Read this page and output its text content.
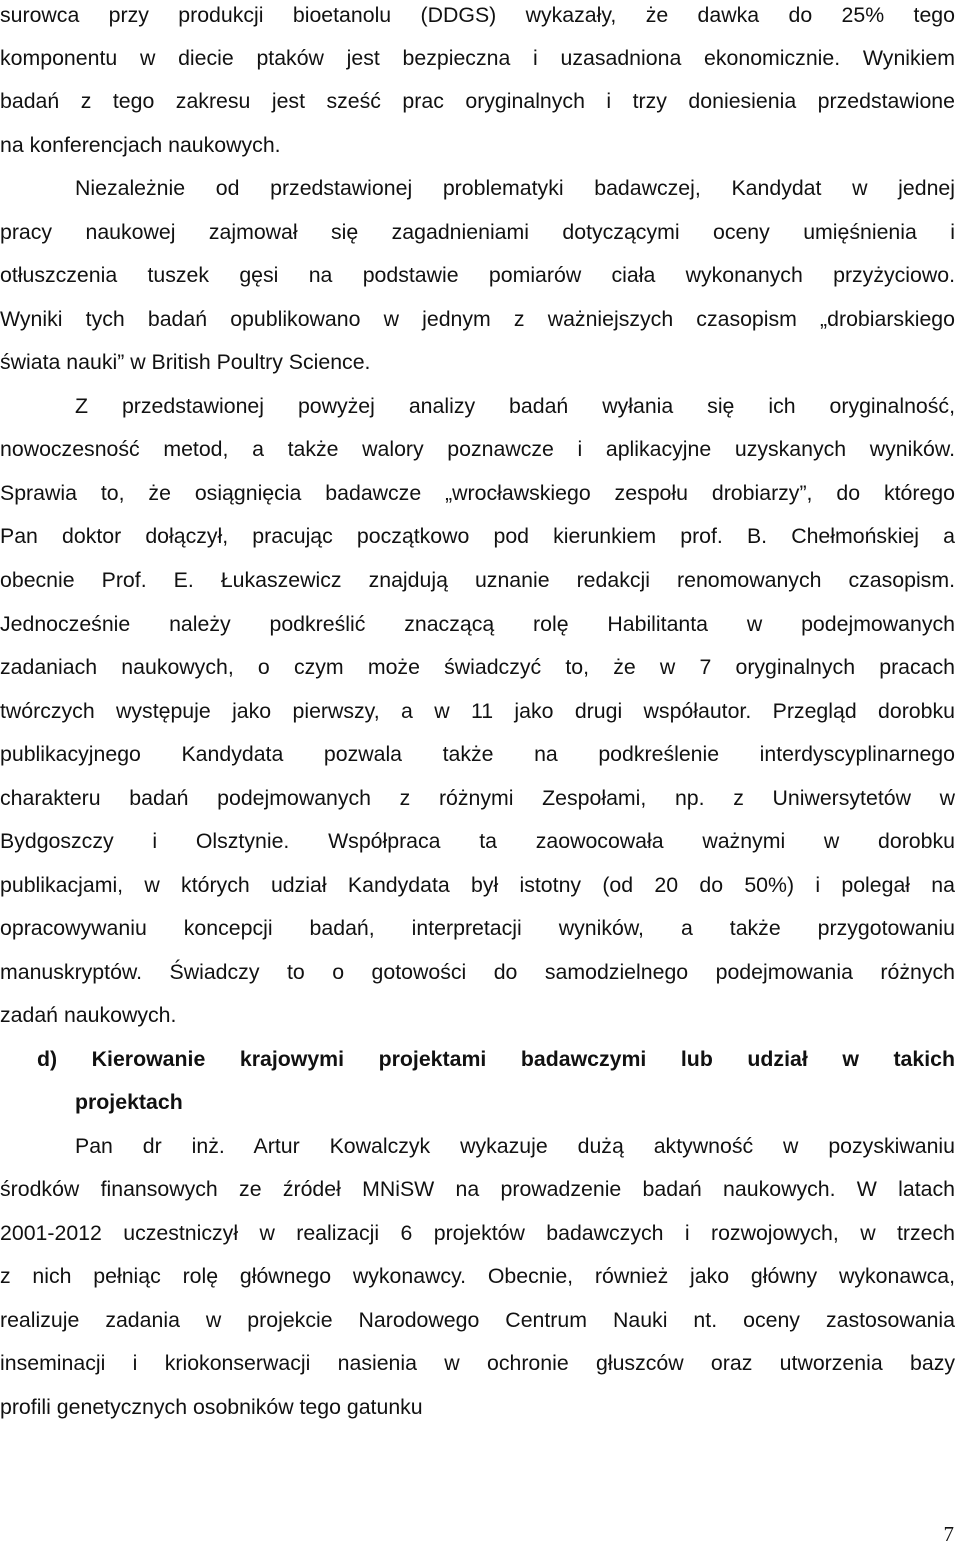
surowca przy produkcji bioetanolu (DDGS) wykazały, że dawka do 25% tego
komponentu w diecie ptaków jest bezpieczna i uzasadniona ekonomicznie. Wynikiem
badań z tego zakresu jest sześć prac oryginalnych i trzy doniesienia przedstawione
na konferencjach naukowych.
Niezależnie od przedstawionej problematyki badawczej, Kandydat w jednej
pracy naukowej zajmował się zagadnieniami dotyczącymi oceny umięśnienia i
otłuszczenia tuszek gęsi na podstawie pomiarów ciała wykonanych przyżyciowo.
Wyniki tych badań opublikowano w jednym z ważniejszych czasopism „drobiarskiego
świata nauki” w British Poultry Science.
Z przedstawionej powyżej analizy badań wyłania się ich oryginalność,
nowoczesność metod, a także walory poznawcze i aplikacyjne uzyskanych wyników.
Sprawia to, że osiągnięcia badawcze „wrocławskiego zespołu drobiarzy”, do którego
Pan doktor dołączył, pracując początkowo pod kierunkiem prof. B. Chełmońskiej a
obecnie Prof. E. Łukaszewicz znajdują uznanie redakcji renomowanych czasopism.
Jednocześnie należy podkreślić znaczącą rolę Habilitanta w podejmowanych
zadaniach naukowych, o czym może świadczyć to, że w 7 oryginalnych pracach
twórczych występuje jako pierwszy, a w 11 jako drugi współautor. Przegląd dorobku
publikacyjnego Kandydata pozwala także na podkreślenie interdyscyplinarnego
charakteru badań podejmowanych z różnymi Zespołami, np. z Uniwersytetów w
Bydgoszczy i Olsztynie. Współpraca ta zaowocowała ważnymi w dorobku
publikacjami, w których udział Kandydata był istotny (od 20 do 50%) i polegał na
opracowywaniu koncepcji badań, interpretacji wyników, a także przygotowaniu
manuskryptów. Świadczy to o gotowości do samodzielnego podejmowania różnych
zadań naukowych.
d) Kierowanie krajowymi projektami badawczymi lub udział w takich
projektach
Pan dr inż. Artur Kowalczyk wykazuje dużą aktywność w pozyskiwaniu
środków finansowych ze źródeł MNiSW na prowadzenie badań naukowych. W latach
2001-2012 uczestniczył w realizacji 6 projektów badawczych i rozwojowych, w trzech
z nich pełniąc rolę głównego wykonawcy. Obecnie, również jako główny wykonawca,
realizuje zadania w projekcie Narodowego Centrum Nauki nt. oceny zastosowania
inseminacji i kriokonserwacji nasienia w ochronie głuszców oraz utworzenia bazy
profili genetycznych osobników tego gatunku
7
